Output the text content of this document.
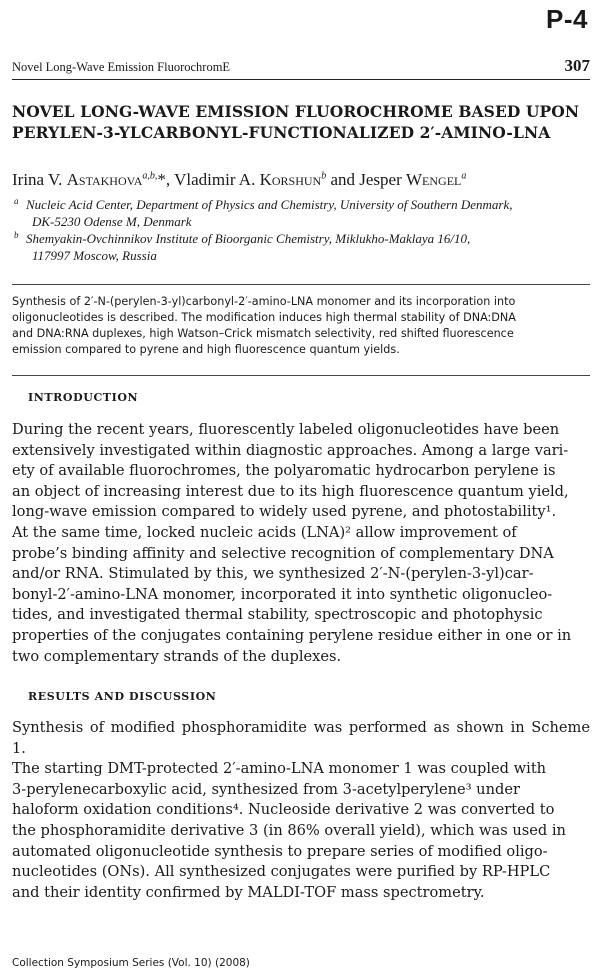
P-4
Novel Long-Wave Emission FluorochromE	307
NOVEL LONG-WAVE EMISSION FLUOROCHROME BASED UPON
PERYLEN-3-YLCARBONYL-FUNCTIONALIZED 2′-AMINO-LNA
Irina V. Astakhova$^{a,b,}$*, Vladimir A. Korshun$^b$ and Jesper Wengel$^a$
a Nucleic Acid Center, Department of Physics and Chemistry, University of Southern Denmark,
DK-5230 Odense M, Denmark
b Shemyakin-Ovchinnikov Institute of Bioorganic Chemistry, Miklukho-Maklaya 16/10,
117997 Moscow, Russia
Synthesis of 2′-N-(perylen-3-yl)carbonyl-2′-amino-LNA monomer and its incorporation into
oligonucleotides is described. The modification induces high thermal stability of DNA:DNA
and DNA:RNA duplexes, high Watson–Crick mismatch selectivity, red shifted fluorescence
emission compared to pyrene and high fluorescence quantum yields.
INTRODUCTION
During the recent years, fluorescently labeled oligonucleotides have been
extensively investigated within diagnostic approaches. Among a large vari-
ety of available fluorochromes, the polyaromatic hydrocarbon perylene is
an object of increasing interest due to its high fluorescence quantum yield,
long-wave emission compared to widely used pyrene, and photostability¹.
At the same time, locked nucleic acids (LNA)² allow improvement of
probe’s binding affinity and selective recognition of complementary DNA
and/or RNA. Stimulated by this, we synthesized 2′-N-(perylen-3-yl)car-
bonyl-2′-amino-LNA monomer, incorporated it into synthetic oligonucleo-
tides, and investigated thermal stability, spectroscopic and photophysic
properties of the conjugates containing perylene residue either in one or in
two complementary strands of the duplexes.
RESULTS AND DISCUSSION
Synthesis of modified phosphoramidite was performed as shown in Scheme 1.
The starting DMT-protected 2′-amino-LNA monomer 1 was coupled with
3-perylenecarboxylic acid, synthesized from 3-acetylperylene³ under
haloform oxidation conditions⁴. Nucleoside derivative 2 was converted to
the phosphoramidite derivative 3 (in 86% overall yield), which was used in
automated oligonucleotide synthesis to prepare series of modified oligo-
nucleotides (ONs). All synthesized conjugates were purified by RP-HPLC
and their identity confirmed by MALDI-TOF mass spectrometry.
Collection Symposium Series (Vol. 10) (2008)
